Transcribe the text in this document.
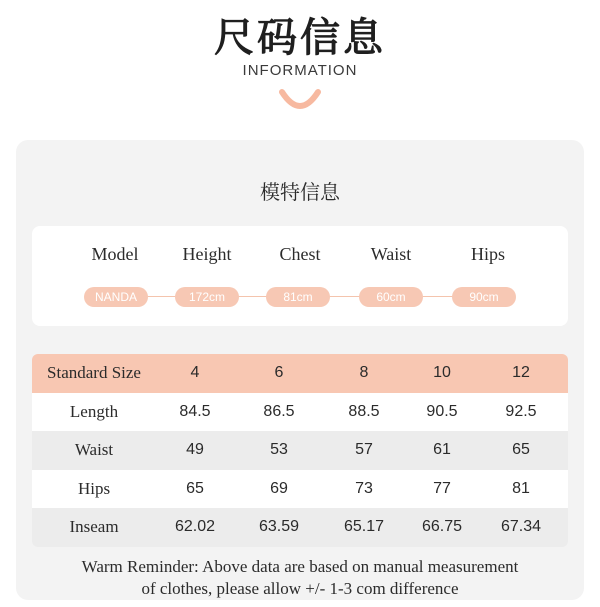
尺码信息
INFORMATION
模特信息
Model	Height	Chest	Waist	Hips
NANDA	172cm	81cm	60cm	90cm
Standard Size	4	6	8	10	12
Length	84.5	86.5	88.5	90.5	92.5
Waist	49	53	57	61	65
Hips	65	69	73	77	81
Inseam	62.02	63.59	65.17	66.75	67.34
Warm Reminder: Above data are based on manual measurement
of clothes, please allow +/- 1-3 com difference
